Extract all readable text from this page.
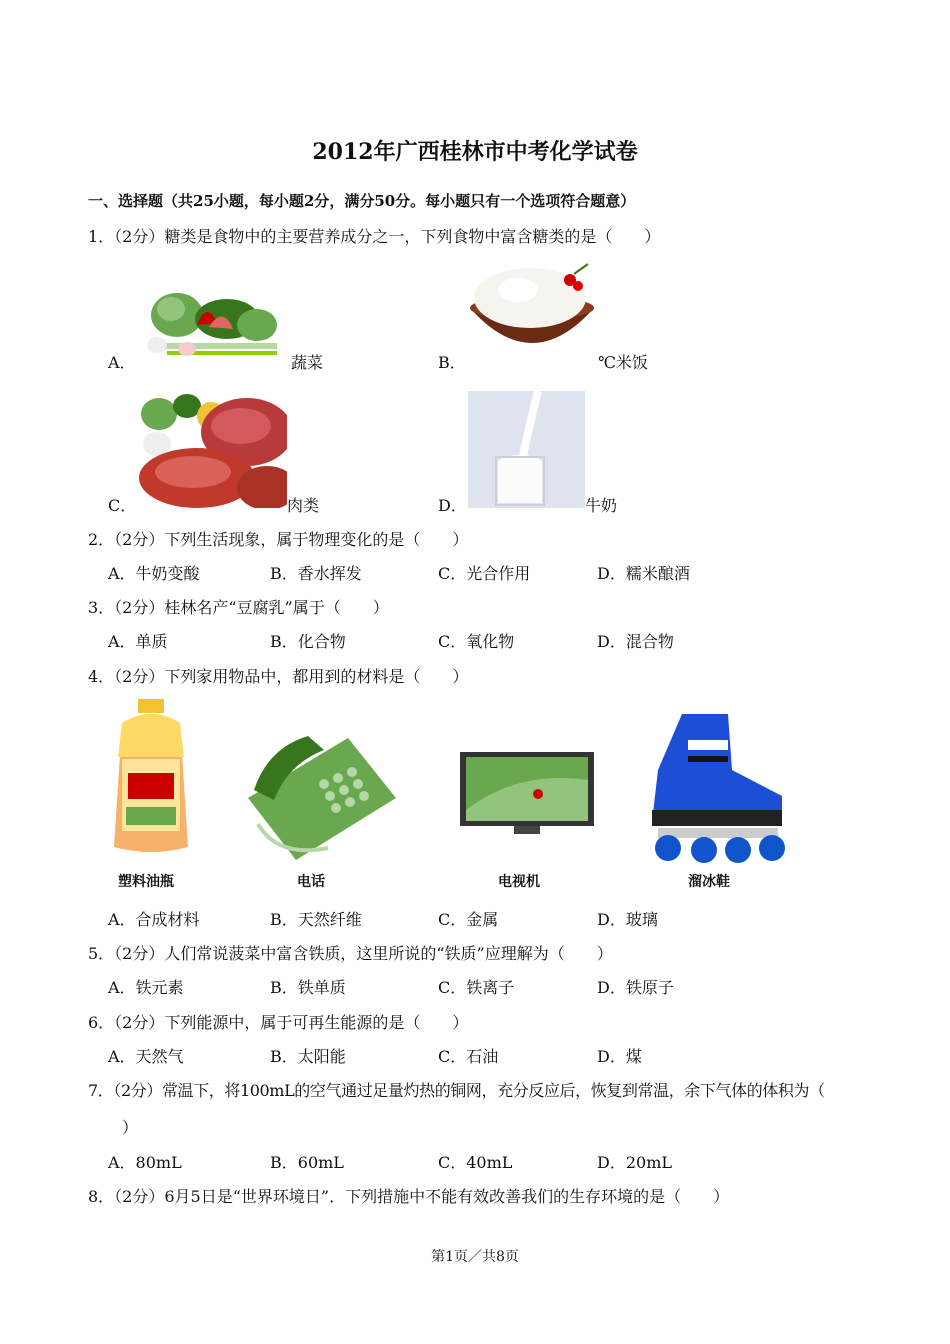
2012年广西桂林市中考化学试卷
一、选择题（共25小题，每小题2分，满分50分。每小题只有一个选项符合题意）
1．（2分）糖类是食物中的主要营养成分之一，下列食物中富含糖类的是（　　）
A．	蔬菜	B．	℃米饭
C．	肉类	D．	牛奶
2．（2分）下列生活现象，属于物理变化的是（　　）
A．牛奶变酸	B．香水挥发	C．光合作用	D．糯米酿酒
3．（2分）桂林名产“豆腐乳”属于（　　）
A．单质	B．化合物	C．氧化物	D．混合物
4．（2分）下列家用物品中，都用到的材料是（　　）
塑料油瓶	电话	电视机	溜冰鞋
A．合成材料	B．天然纤维	C．金属	D．玻璃
5．（2分）人们常说菠菜中富含铁质，这里所说的“铁质”应理解为（　　）
A．铁元素	B．铁单质	C．铁离子	D．铁原子
6．（2分）下列能源中，属于可再生能源的是（　　）
A．天然气	B．太阳能	C．石油	D．煤
7．（2分）常温下，将100mL的空气通过足量灼热的铜网，充分反应后，恢复到常温，余下气体的体积为（
）
A．80mL	B．60mL	C．40mL	D．20mL
8．（2分）6月5日是“世界环境日”．下列措施中不能有效改善我们的生存环境的是（　　）
第1页／共8页
